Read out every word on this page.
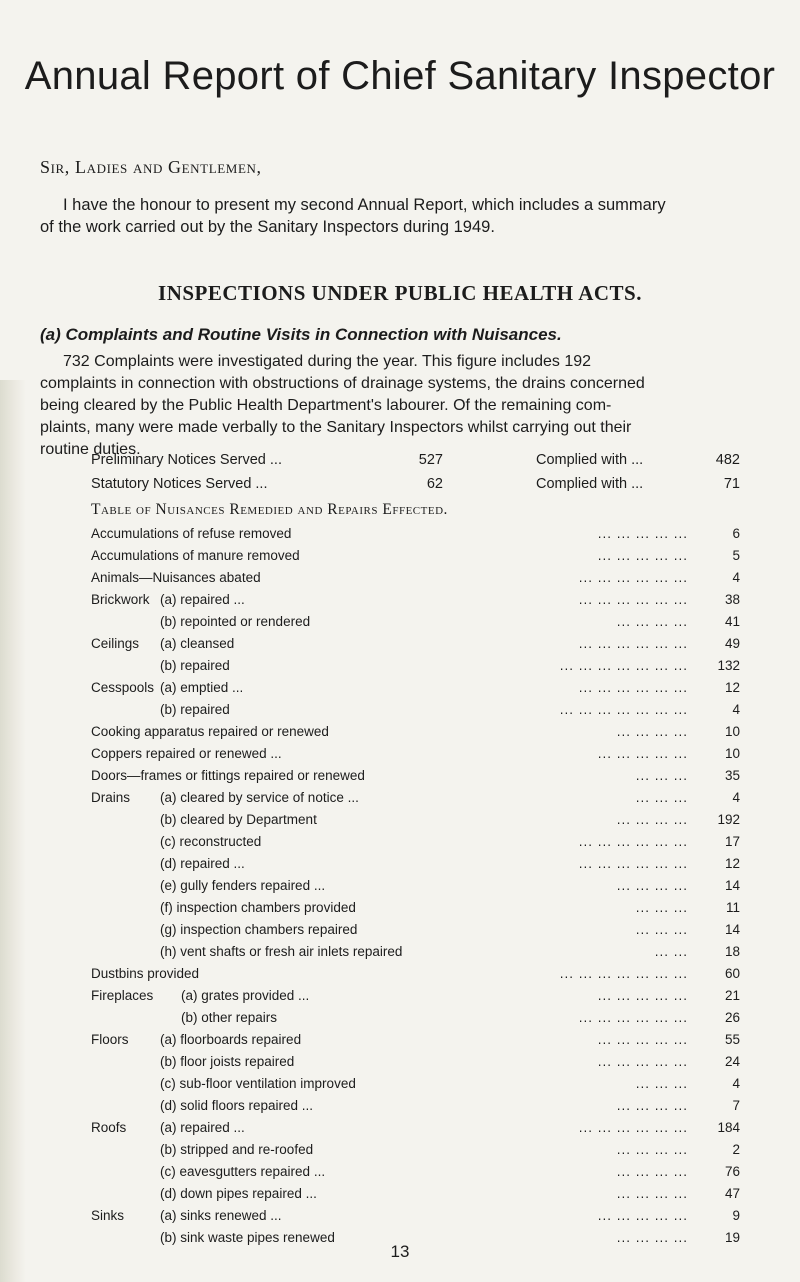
Annual Report of Chief Sanitary Inspector
Sir, Ladies and Gentlemen,
I have the honour to present my second Annual Report, which includes a summary
of the work carried out by the Sanitary Inspectors during 1949.
INSPECTIONS UNDER PUBLIC HEALTH ACTS.
(a) Complaints and Routine Visits in Connection with Nuisances.
732 Complaints were investigated during the year. This figure includes 192
complaints in connection with obstructions of drainage systems, the drains concerned
being cleared by the Public Health Department's labourer. Of the remaining com-
plaints, many were made verbally to the Sanitary Inspectors whilst carrying out their
routine duties.
Preliminary Notices Served ...	527	Complied with ...	482
Statutory Notices Served ...	62	Complied with ...	71
Table of Nuisances Remedied and Repairs Effected.
Accumulations of refuse removed	... ... ... ... ...	6
Accumulations of manure removed	... ... ... ... ...	5
Animals—Nuisances abated	... ... ... ... ... ...	4
Brickwork (a) repaired ...	... ... ... ... ... ...	38
(b) repointed or rendered	... ... ... ...	41
Ceilings (a) cleansed	... ... ... ... ... ...	49
(b) repaired	... ... ... ... ... ... ...	132
Cesspools (a) emptied ...	... ... ... ... ... ...	12
(b) repaired	... ... ... ... ... ... ...	4
Cooking apparatus repaired or renewed	... ... ... ...	10
Coppers repaired or renewed ...	... ... ... ... ...	10
Doors—frames or fittings repaired or renewed	... ... ...	35
Drains (a) cleared by service of notice ...	... ... ...	4
(b) cleared by Department	... ... ... ...	192
(c) reconstructed	... ... ... ... ... ...	17
(d) repaired ...	... ... ... ... ... ...	12
(e) gully fenders repaired ...	... ... ... ...	14
(f) inspection chambers provided	... ... ...	11
(g) inspection chambers repaired	... ... ...	14
(h) vent shafts or fresh air inlets repaired	... ...	18
Dustbins provided	... ... ... ... ... ... ...	60
Fireplaces (a) grates provided ...	... ... ... ... ...	21
(b) other repairs	... ... ... ... ... ...	26
Floors (a) floorboards repaired	... ... ... ... ...	55
(b) floor joists repaired	... ... ... ... ...	24
(c) sub-floor ventilation improved	... ... ...	4
(d) solid floors repaired ...	... ... ... ...	7
Roofs (a) repaired ...	... ... ... ... ... ...	184
(b) stripped and re-roofed	... ... ... ...	2
(c) eavesgutters repaired ...	... ... ... ...	76
(d) down pipes repaired ...	... ... ... ...	47
Sinks	(a) sinks renewed ...	... ... ... ... ...	9
(b) sink waste pipes renewed	... ... ... ...	19
13
